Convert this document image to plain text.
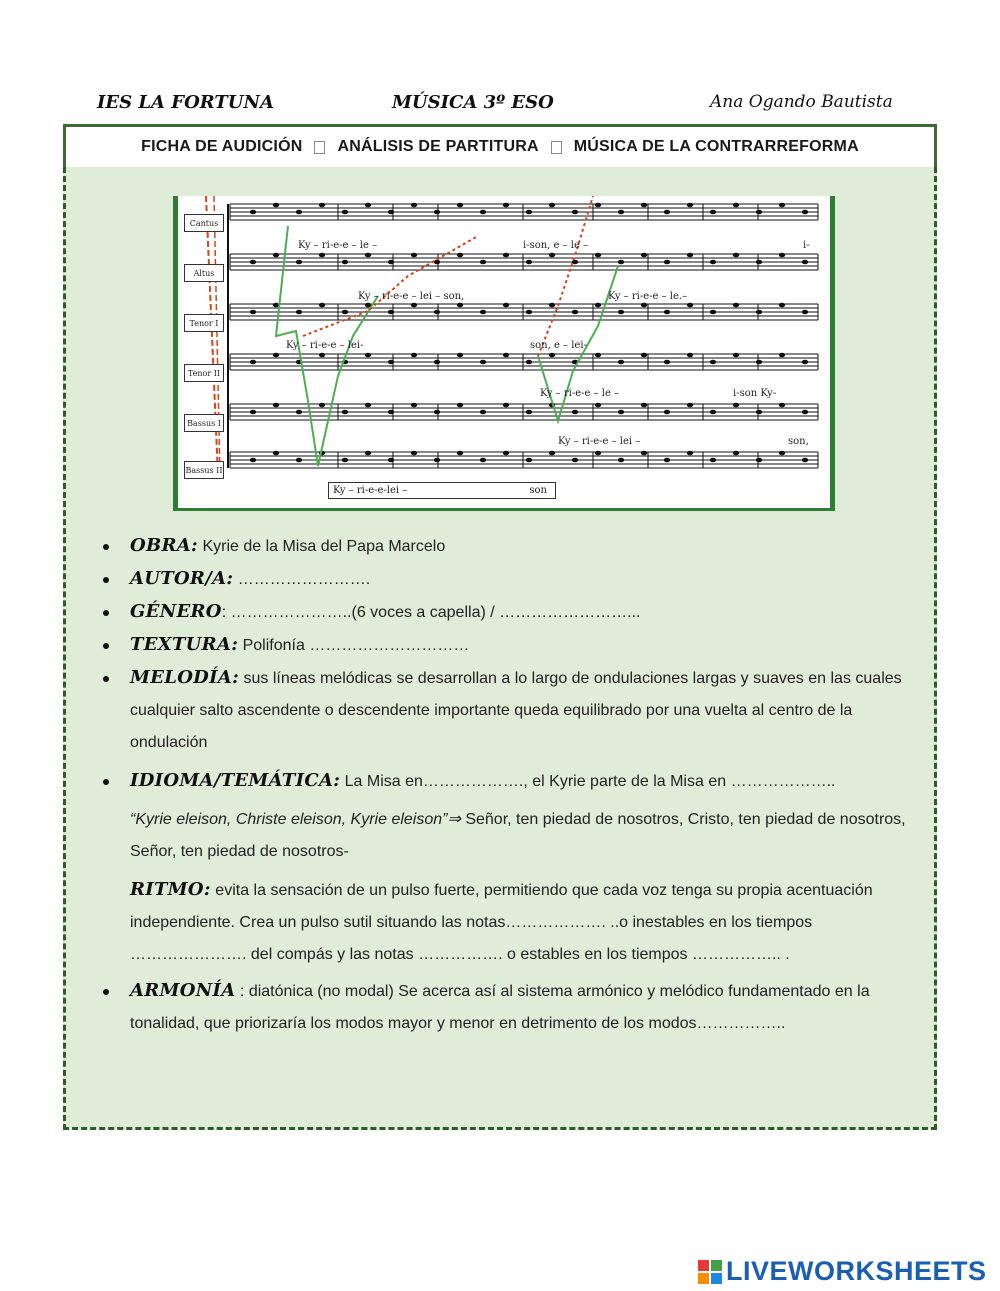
IES LA FORTUNA	MÚSICA 3º ESO	Ana Ogando Bautista
FICHA DE AUDICIÓN ANÁLISIS DE PARTITURA MÚSICA DE LA CONTRARREFORMA
Cantus
Altus
Tenor I
Tenor II
Bassus I
Bassus II
Ky – ri-e-e – le –	i-son, e – le –	i-
Ky – ri-e-e – lei – son,	Ky – ri-e-e – le.–
Ky – ri-e-e – lei-	son, e – lei-
Ky – ri-e-e – le –	i-son Ky-
Ky – ri-e-e – lei –	son,
Ky – ri-e-e-lei –	son
OBRA: Kyrie de la Misa del Papa Marcelo
AUTOR/A: …………………….
GÉNERO: …………………..(6 voces a capella) / ……………………...
TEXTURA: Polifonía …………………………
MELODÍA: sus líneas melódicas se desarrollan a lo largo de ondulaciones largas y suaves en las cuales cualquier salto ascendente o descendente importante queda equilibrado por una vuelta al centro de la ondulación
IDIOMA/TEMÁTICA: La Misa en………………., el Kyrie parte de la Misa en ………………..
“Kyrie eleison, Christe eleison, Kyrie eleison”⇒ Señor, ten piedad de nosotros, Cristo, ten piedad de nosotros, Señor, ten piedad de nosotros-
RITMO: evita la sensación de un pulso fuerte, permitiendo que cada voz tenga su propia acentuación independiente. Crea un pulso sutil situando las notas………………. ..o inestables en los tiempos …………………. del compás y las notas ……………. o estables en los tiempos …………….. .
ARMONÍA : diatónica (no modal) Se acerca así al sistema armónico y melódico fundamentado en la tonalidad, que priorizaría los modos mayor y menor en detrimento de los modos……………..
LIVEWORKSHEETS
